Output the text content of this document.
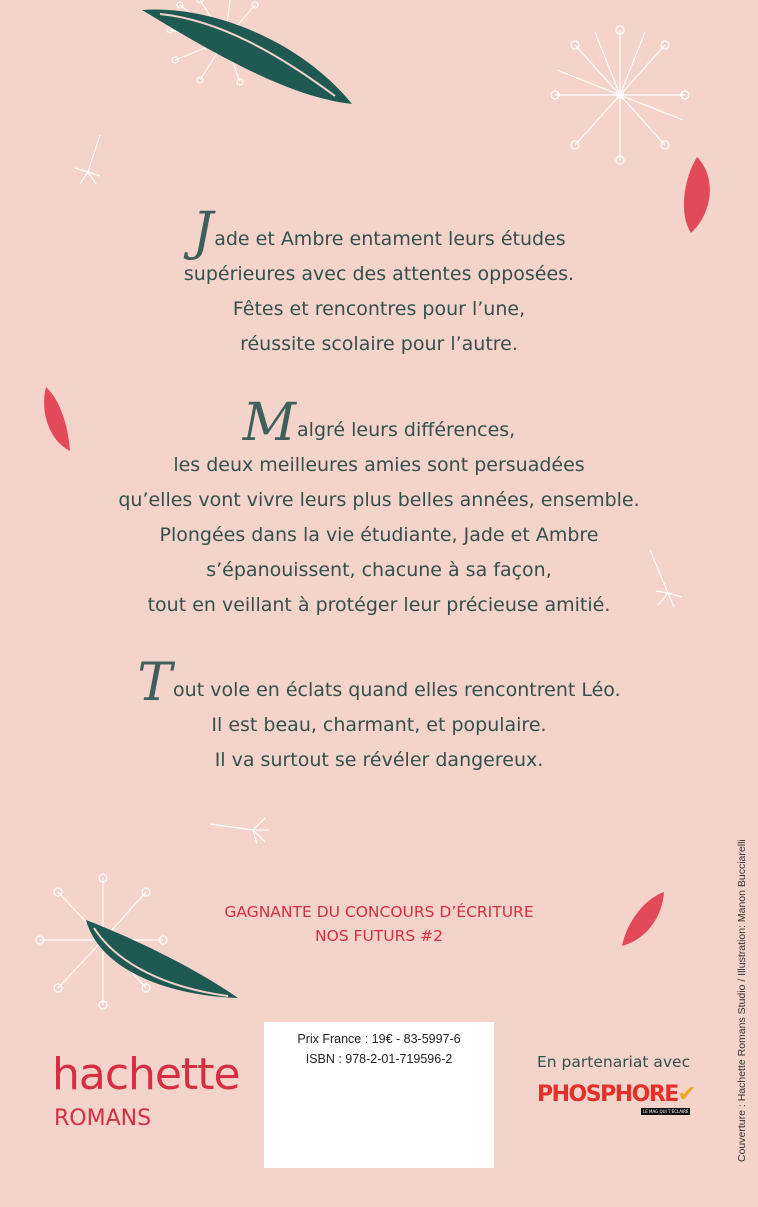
Jade et Ambre entament leurs études
supérieures avec des attentes opposées.
Fêtes et rencontres pour l’une,
réussite scolaire pour l’autre.
Malgré leurs différences,
les deux meilleures amies sont persuadées
qu’elles vont vivre leurs plus belles années, ensemble.
Plongées dans la vie étudiante, Jade et Ambre
s’épanouissent, chacune à sa façon,
tout en veillant à protéger leur précieuse amitié.
Tout vole en éclats quand elles rencontrent Léo.
Il est beau, charmant, et populaire.
Il va surtout se révéler dangereux.
GAGNANTE DU CONCOURS D’ÉCRITURE
NOS FUTURS #2
hachette
ROMANS
Prix France : 19€ - 83-5997-6
ISBN : 978-2-01-719596-2	En partenariat avec
PHOSPHORE✔
LE MAG QUI T'ÉCLAIRE	Couverture : Hachette Romans Studio / Illustration: Manon Bucciarelli
